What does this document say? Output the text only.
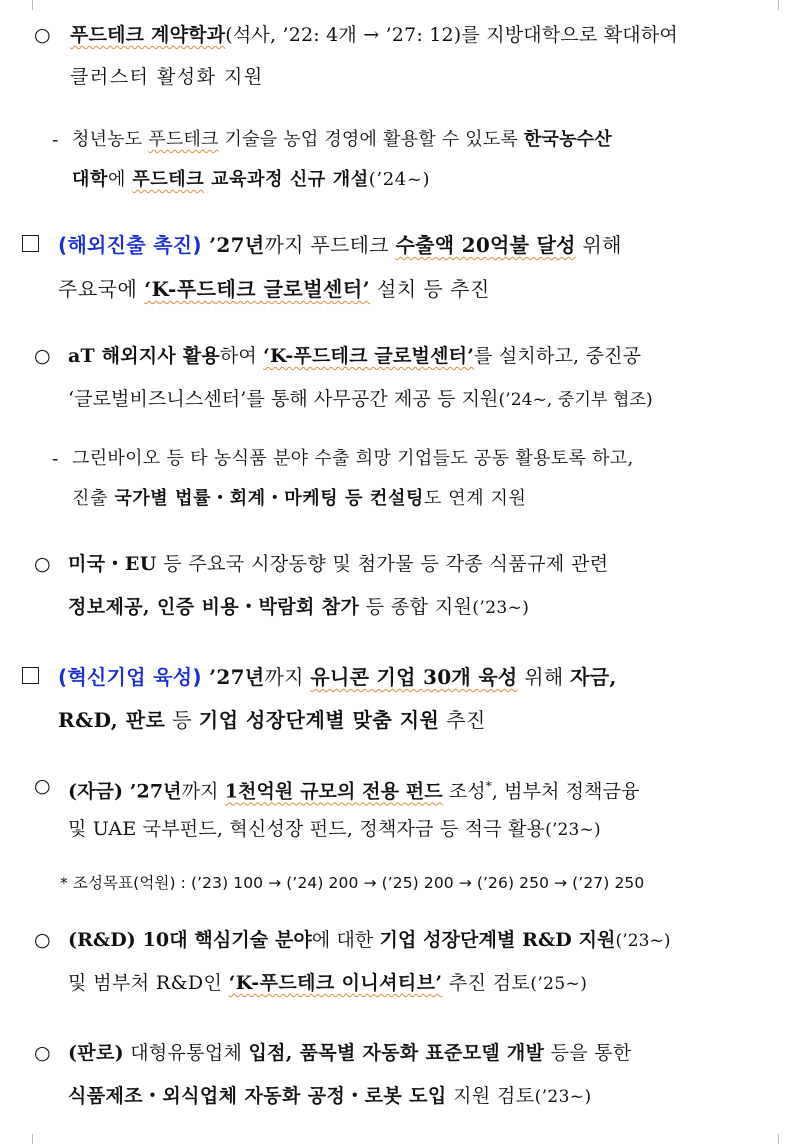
○ 푸드테크 계약학과(석사, ’22: 4개 → ’27: 12)를 지방대학으로 확대하여
클러스터 활성화 지원
- 청년농도 푸드테크 기술을 농업 경영에 활용할 수 있도록 한국농수산
대학에 푸드테크 교육과정 신규 개설(’24~)
(해외진출 촉진) ’27년까지 푸드테크 수출액 20억불 달성 위해
주요국에 ‘K-푸드테크 글로벌센터’ 설치 등 추진
○ aT 해외지사 활용하여 ‘K-푸드테크 글로벌센터’를 설치하고, 중진공
‘글로벌비즈니스센터’를 통해 사무공간 제공 등 지원(’24~, 중기부 협조)
- 그린바이오 등 타 농식품 분야 수출 희망 기업들도 공동 활용토록 하고,
진출 국가별 법률・회계・마케팅 등 컨설팅도 연계 지원
○ 미국・EU 등 주요국 시장동향 및 첨가물 등 각종 식품규제 관련
정보제공, 인증 비용・박람회 참가 등 종합 지원(’23~)
(혁신기업 육성) ’27년까지 유니콘 기업 30개 육성 위해 자금,
R&D, 판로 등 기업 성장단계별 맞춤 지원 추진
○ (자금) ’27년까지 1천억원 규모의 전용 펀드 조성*, 범부처 정책금융
및 UAE 국부펀드, 혁신성장 펀드, 정책자금 등 적극 활용(’23~)
* 조성목표(억원) : (’23) 100 → (’24) 200 → (’25) 200 → (’26) 250 → (’27) 250
○ (R&D) 10대 핵심기술 분야에 대한 기업 성장단계별 R&D 지원(’23~)
및 범부처 R&D인 ‘K-푸드테크 이니셔티브’ 추진 검토(’25~)
○ (판로) 대형유통업체 입점, 품목별 자동화 표준모델 개발 등을 통한
식품제조・외식업체 자동화 공정・로봇 도입 지원 검토(’23~)
